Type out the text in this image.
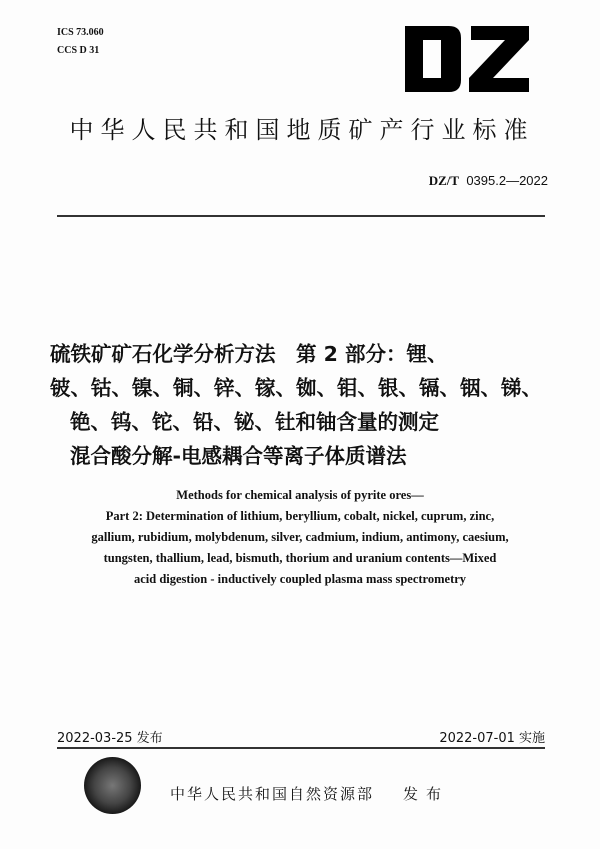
ICS 73.060
CCS D 31
中华人民共和国地质矿产行业标准
DZ/T 0395.2—2022
硫铁矿矿石化学分析方法　第 2 部分：锂、
铍、钴、镍、铜、锌、镓、铷、钼、银、镉、铟、锑、
铯、钨、铊、铅、铋、钍和铀含量的测定
混合酸分解-电感耦合等离子体质谱法
Methods for chemical analysis of pyrite ores—
Part 2: Determination of lithium, beryllium, cobalt, nickel, cuprum, zinc,
gallium, rubidium, molybdenum, silver, cadmium, indium, antimony, caesium,
tungsten, thallium, lead, bismuth, thorium and uranium contents—Mixed
acid digestion - inductively coupled plasma mass spectrometry
2022-03-25 发布	2022-07-01 实施
中华人民共和国自然资源部 发布
